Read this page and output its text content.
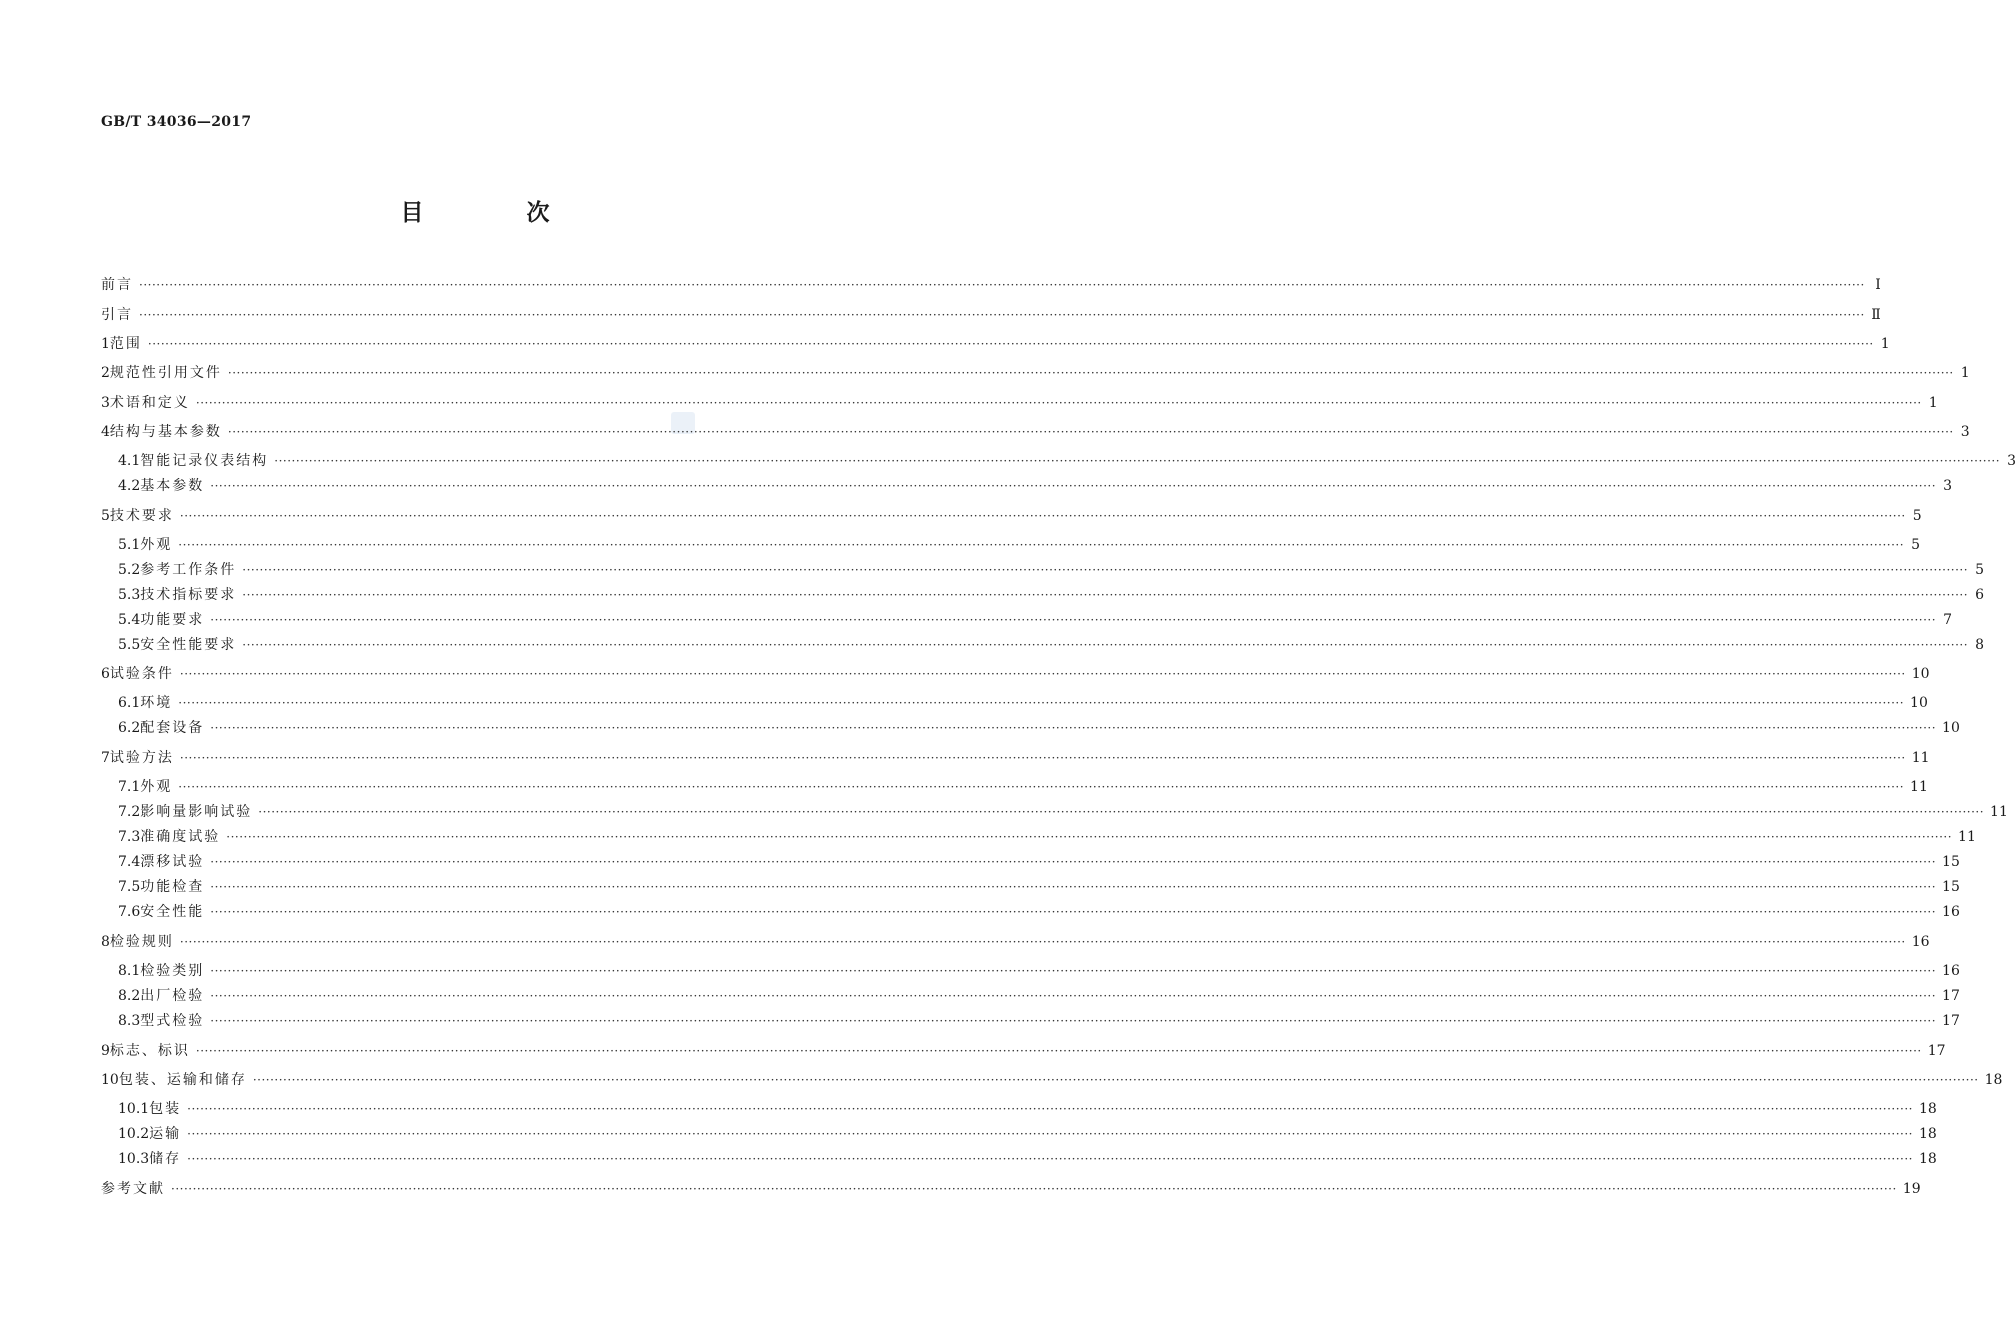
GB/T 34036—2017
目　次
前言 ················································································································································································································································································································································································································ Ⅰ
引言 ················································································································································································································································································································································································································ Ⅱ
1 范围 ················································································································································································································································································································································································································ 1
2 规范性引用文件 ················································································································································································································································································································································································································ 1
3 术语和定义 ················································································································································································································································································································································································································ 1
4 结构与基本参数 ················································································································································································································································································································································································································ 3
4.1 智能记录仪表结构 ················································································································································································································································································································································································································ 3
4.2 基本参数 ················································································································································································································································································································································································································ 3
5 技术要求 ················································································································································································································································································································································································································ 5
5.1 外观 ················································································································································································································································································································································································································ 5
5.2 参考工作条件 ················································································································································································································································································································································································································ 5
5.3 技术指标要求 ················································································································································································································································································································································································································ 6
5.4 功能要求 ················································································································································································································································································································································································································ 7
5.5 安全性能要求 ················································································································································································································································································································································································································ 8
6 试验条件 ················································································································································································································································································································································································································ 10
6.1 环境 ················································································································································································································································································································································································································ 10
6.2 配套设备 ················································································································································································································································································································································································································ 10
7 试验方法 ················································································································································································································································································································································································································ 11
7.1 外观 ················································································································································································································································································································································································································ 11
7.2 影响量影响试验 ················································································································································································································································································································································································································ 11
7.3 准确度试验 ················································································································································································································································································································································································································ 11
7.4 漂移试验 ················································································································································································································································································································································································································ 15
7.5 功能检查 ················································································································································································································································································································································································································ 15
7.6 安全性能 ················································································································································································································································································································································································································ 16
8 检验规则 ················································································································································································································································································································································································································ 16
8.1 检验类别 ················································································································································································································································································································································································································ 16
8.2 出厂检验 ················································································································································································································································································································································································································ 17
8.3 型式检验 ················································································································································································································································································································································································································ 17
9 标志、标识 ················································································································································································································································································································································································································ 17
10 包装、运输和储存 ················································································································································································································································································································································································································ 18
10.1 包装 ················································································································································································································································································································································································································ 18
10.2 运输 ················································································································································································································································································································································································································ 18
10.3 储存 ················································································································································································································································································································································································································ 18
参考文献 ················································································································································································································································································································································································································ 19
